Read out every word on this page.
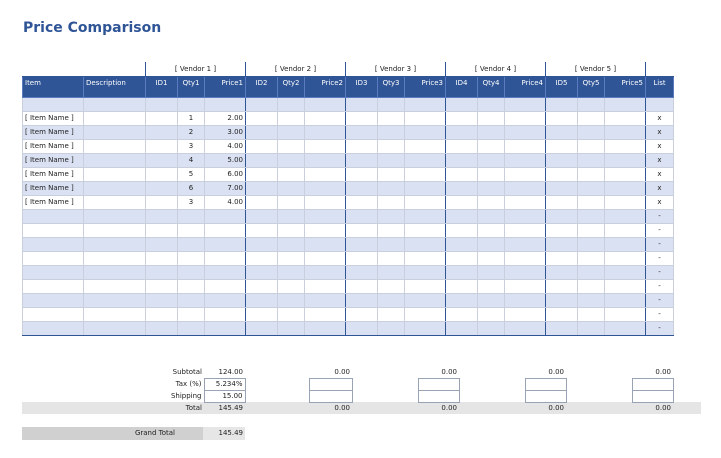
Price Comparison
		[ Vendor 1 ]			[ Vendor 2 ]			[ Vendor 3 ]			[ Vendor 4 ]			[ Vendor 5 ]			
Item	Description	ID1	Qty1	Price1	ID2	Qty2	Price2	ID3	Qty3	Price3	ID4	Qty4	Price4	ID5	Qty5	Price5	List

[ Item Name ]			1	2.00													x
[ Item Name ]			2	3.00													x
[ Item Name ]			3	4.00													x
[ Item Name ]			4	5.00													x
[ Item Name ]			5	6.00													x
[ Item Name ]			6	7.00													x
[ Item Name ]			3	4.00													x
																	-
																	-
																	-
																	-
																	-
																	-
																	-
																	-
																	-
	Subtotal	124.00		0.00		0.00		0.00		0.00	
	Tax (%)	5.234%									
	Shipping	15.00									
	Total	145.49		0.00		0.00		0.00		0.00	
Grand Total	145.49
